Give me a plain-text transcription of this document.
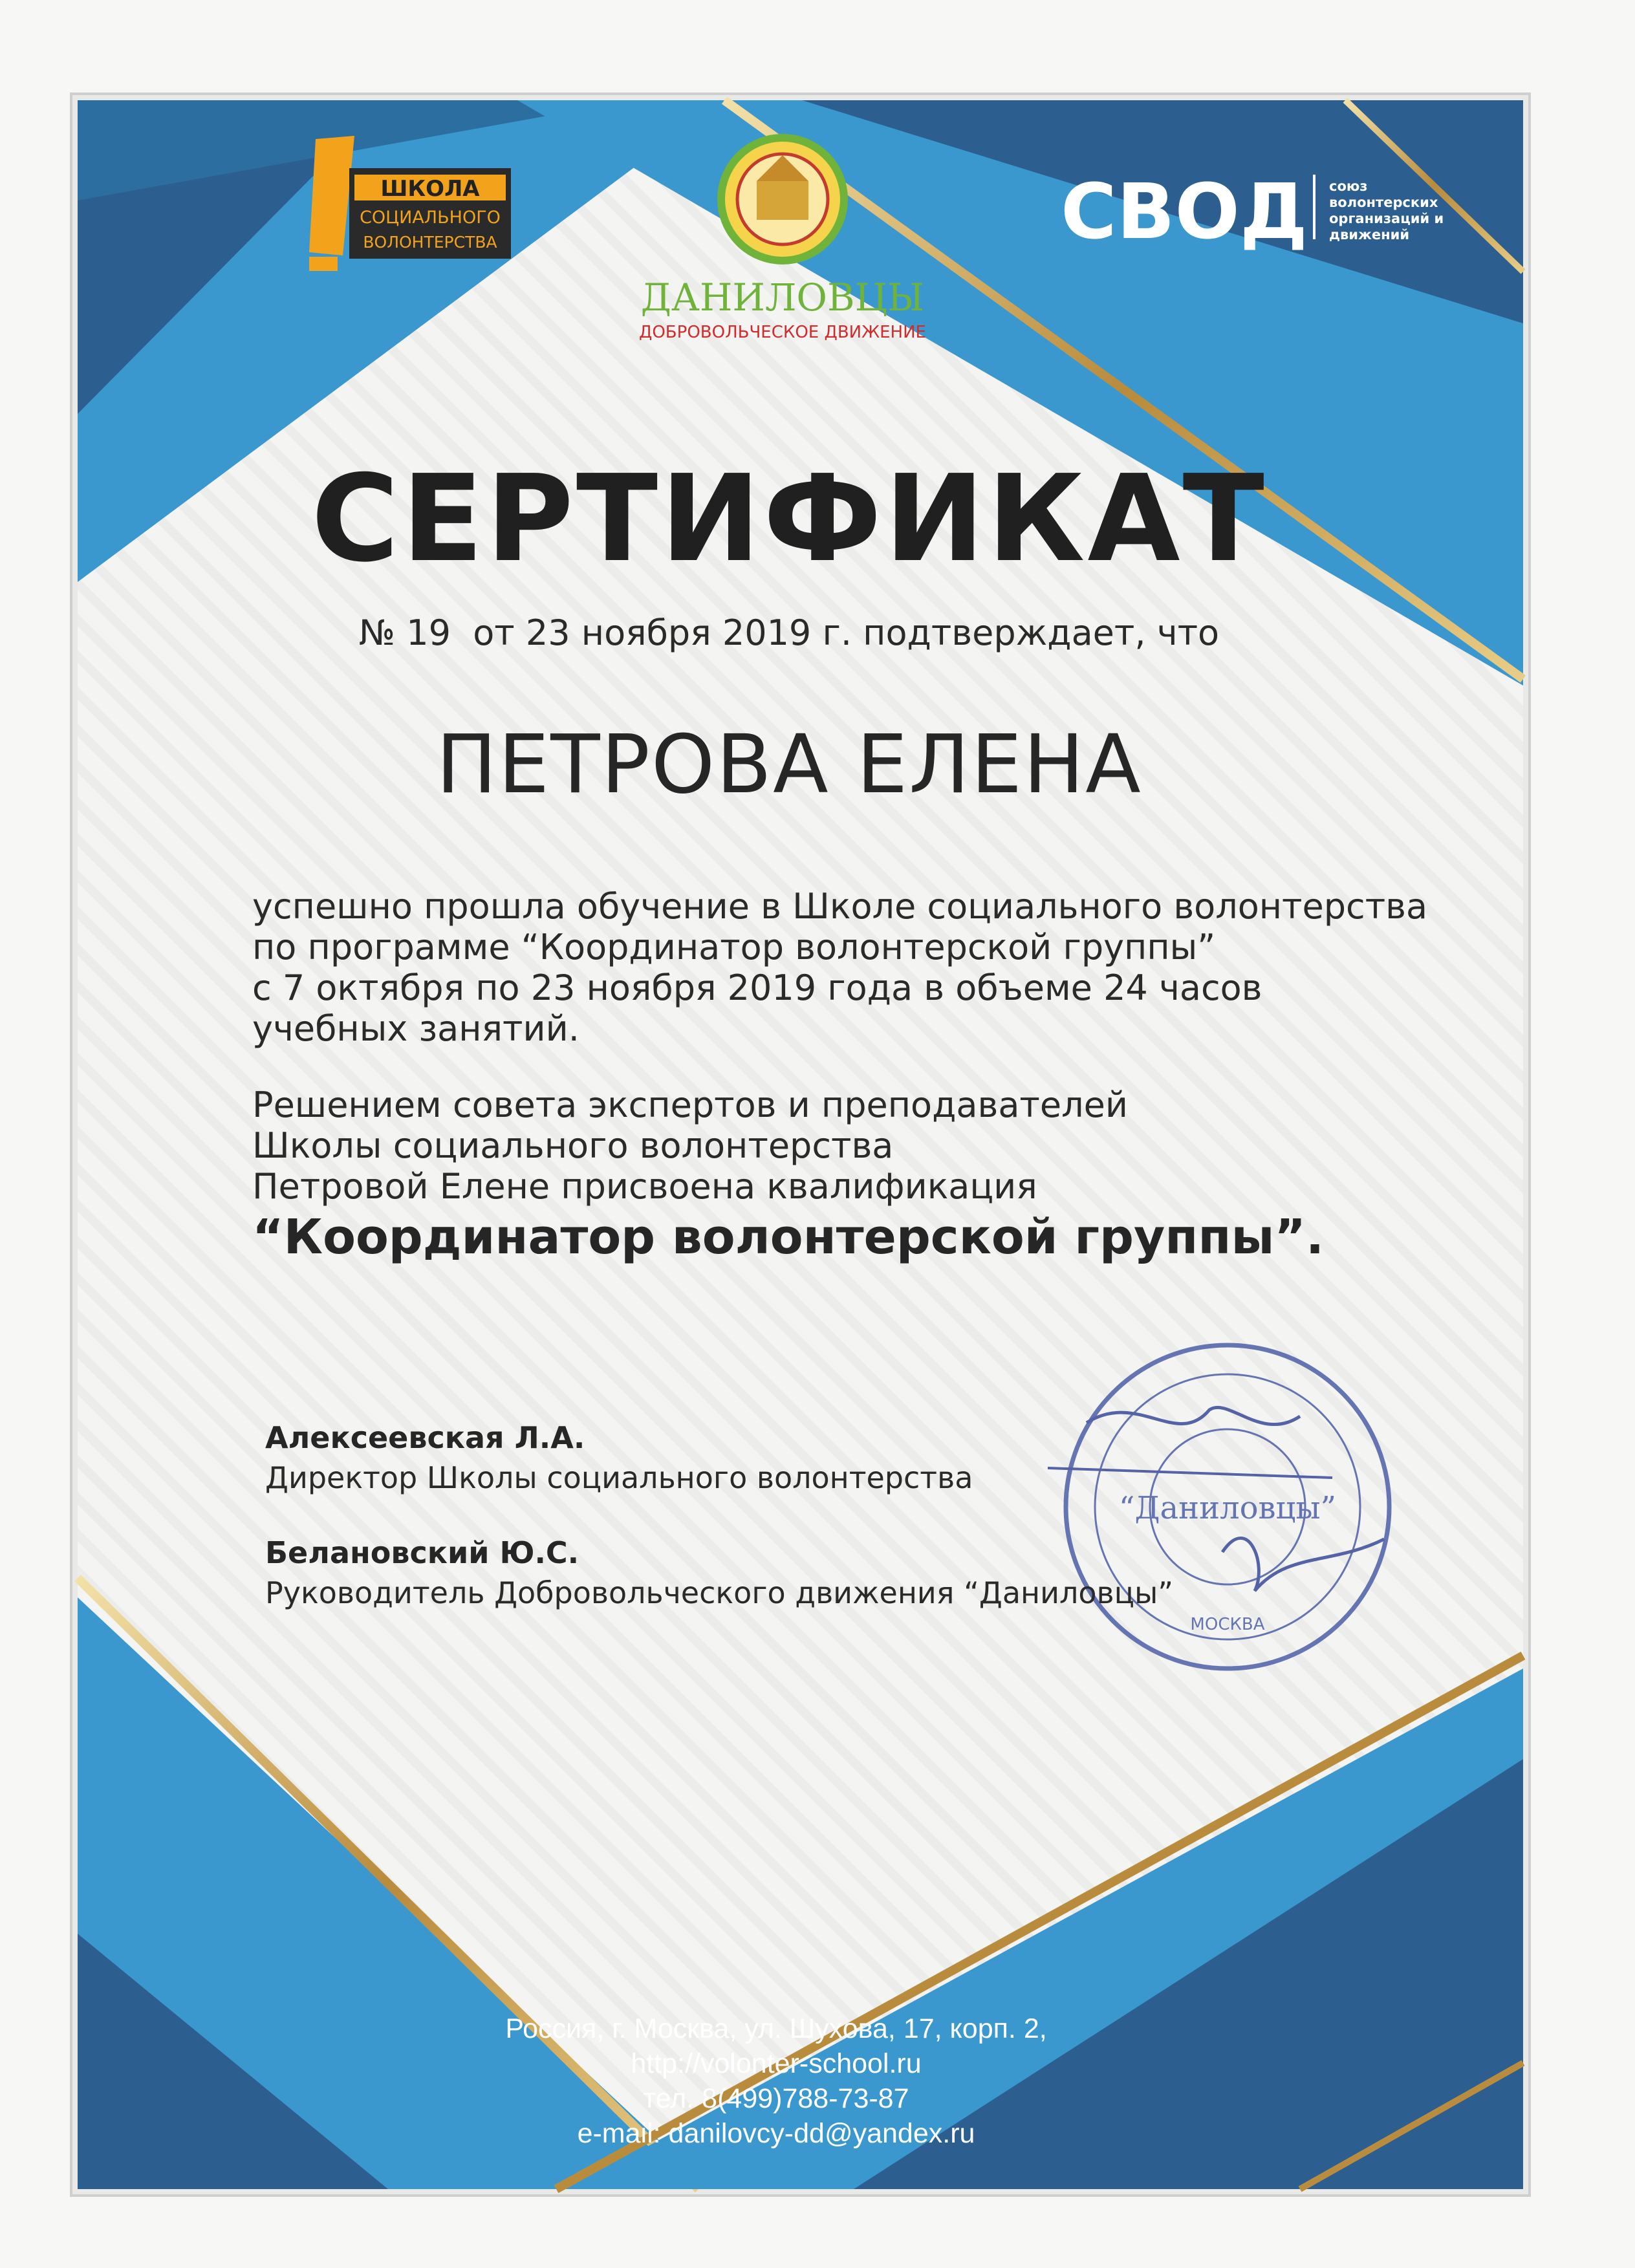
ШКОЛА
СОЦИАЛЬНОГО
ВОЛОНТЕРСТВА
ДАНИЛОВЦЫ
ДОБРОВОЛЬЧЕСКОЕ ДВИЖЕНИЕ
СВОД союз
волонтерских
организаций и
движений
“Даниловцы”
МОСКВА
СЕРТИФИКАТ
№ 19  от 23 ноября 2019 г. подтверждает, что
ПЕТРОВА ЕЛЕНА
успешно прошла обучение в Школе социального волонтерства
по программе “Координатор волонтерской группы”
с 7 октября по 23 ноября 2019 года в объеме 24 часов
учебных занятий.
Решением совета экспертов и преподавателей
Школы социального волонтерства
Петровой Елене присвоена квалификация
“Координатор волонтерской группы”.
Алексеевская Л.А.
Директор Школы социального волонтерства
Белановский Ю.С.
Руководитель Добровольческого движения “Даниловцы”
Россия, г. Москва, ул. Шухова, 17, корп. 2,
http://volonter-school.ru
тел. 8(499)788-73-87
e-mail: danilovcy-dd@yandex.ru
